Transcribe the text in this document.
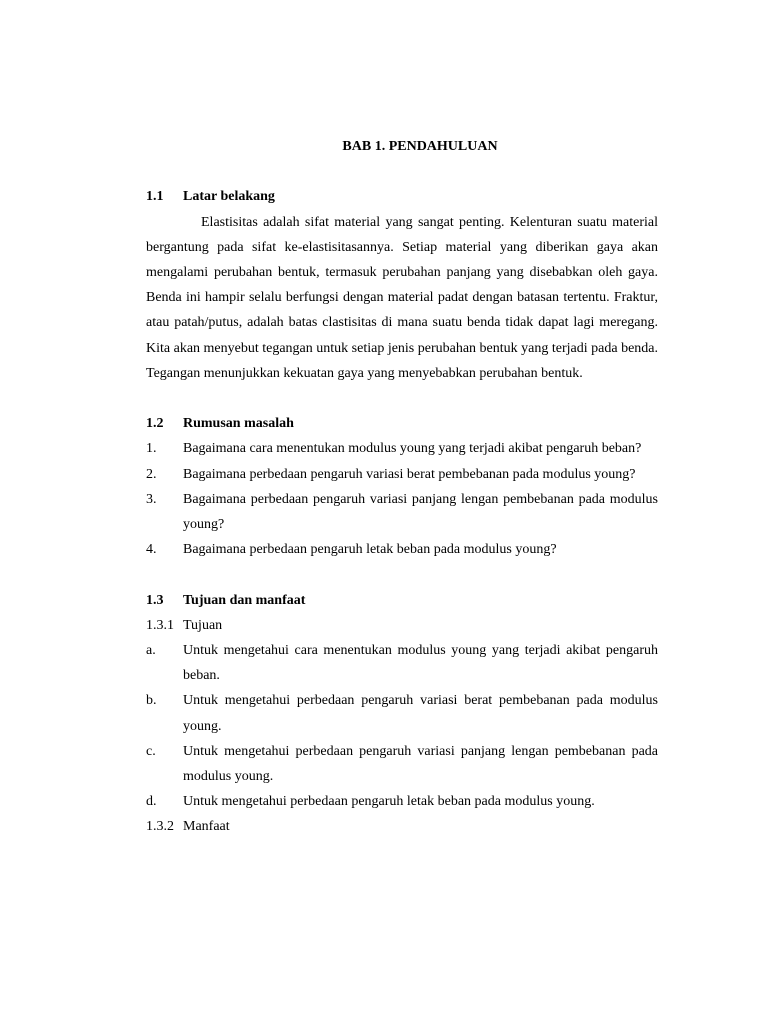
BAB 1. PENDAHULUAN

1.1	Latar belakang

Elastisitas adalah sifat material yang sangat penting. Kelenturan suatu material bergantung pada sifat ke-elastisitasannya. Setiap material yang diberikan gaya akan mengalami perubahan bentuk, termasuk perubahan panjang yang disebabkan oleh gaya. Benda ini hampir selalu berfungsi dengan material padat dengan batasan tertentu. Fraktur, atau patah/putus, adalah batas clastisitas di mana suatu benda tidak dapat lagi meregang. Kita akan menyebut tegangan untuk setiap jenis perubahan bentuk yang terjadi pada benda. Tegangan menunjukkan kekuatan gaya yang menyebabkan perubahan bentuk.

1.2	Rumusan masalah

1.	Bagaimana cara menentukan modulus young yang terjadi akibat pengaruh beban?
2.	Bagaimana perbedaan pengaruh variasi berat pembebanan pada modulus young?
3.	Bagaimana perbedaan pengaruh variasi panjang lengan pembebanan pada modulus young?
4.	Bagaimana perbedaan pengaruh letak beban pada modulus young?

1.3	Tujuan dan manfaat

1.3.1 Tujuan

a.	Untuk mengetahui cara menentukan modulus young yang terjadi akibat pengaruh beban.
b.	Untuk mengetahui perbedaan pengaruh variasi berat pembebanan pada modulus young.
c.	Untuk mengetahui perbedaan pengaruh variasi panjang lengan pembebanan pada modulus young.
d.	Untuk mengetahui perbedaan pengaruh letak beban pada modulus young.

1.3.2 Manfaat
